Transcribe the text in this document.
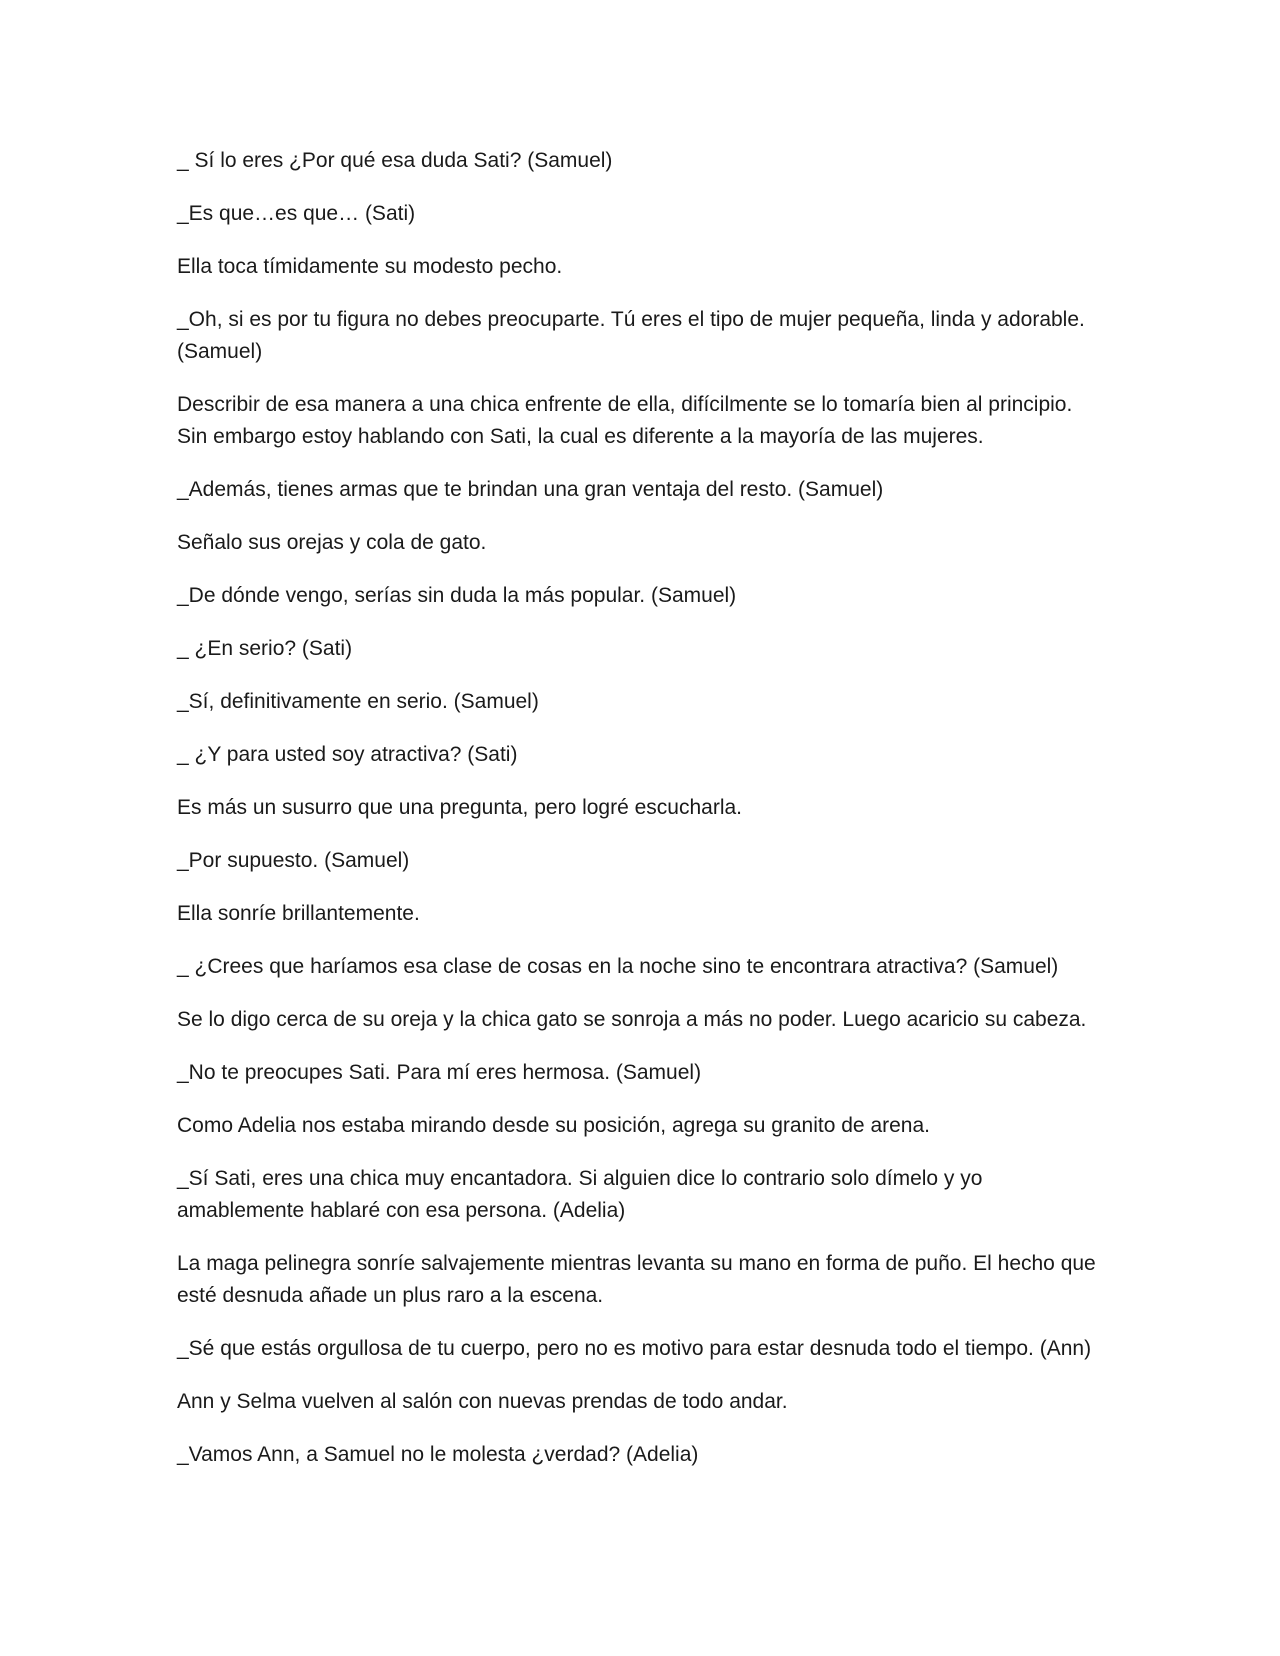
_ Sí lo eres ¿Por qué esa duda Sati? (Samuel)

_Es que…es que… (Sati)

Ella toca tímidamente su modesto pecho.

_Oh, si es por tu figura no debes preocuparte. Tú eres el tipo de mujer pequeña, linda y adorable. (Samuel)

Describir de esa manera a una chica enfrente de ella, difícilmente se lo tomaría bien al principio. Sin embargo estoy hablando con Sati, la cual es diferente a la mayoría de las mujeres.

_Además, tienes armas que te brindan una gran ventaja del resto. (Samuel)

Señalo sus orejas y cola de gato.

_De dónde vengo, serías sin duda la más popular. (Samuel)

_ ¿En serio? (Sati)

_Sí, definitivamente en serio. (Samuel)

_ ¿Y para usted soy atractiva? (Sati)

Es más un susurro que una pregunta, pero logré escucharla.

_Por supuesto. (Samuel)

Ella sonríe brillantemente.

_ ¿Crees que haríamos esa clase de cosas en la noche sino te encontrara atractiva? (Samuel)

Se lo digo cerca de su oreja y la chica gato se sonroja a más no poder. Luego acaricio su cabeza.

_No te preocupes Sati. Para mí eres hermosa. (Samuel)

Como Adelia nos estaba mirando desde su posición, agrega su granito de arena.

_Sí Sati, eres una chica muy encantadora. Si alguien dice lo contrario solo dímelo y yo amablemente hablaré con esa persona. (Adelia)

La maga pelinegra sonríe salvajemente mientras levanta su mano en forma de puño. El hecho que esté desnuda añade un plus raro a la escena.

_Sé que estás orgullosa de tu cuerpo, pero no es motivo para estar desnuda todo el tiempo. (Ann)

Ann y Selma vuelven al salón con nuevas prendas de todo andar.

_Vamos Ann, a Samuel no le molesta ¿verdad? (Adelia)
